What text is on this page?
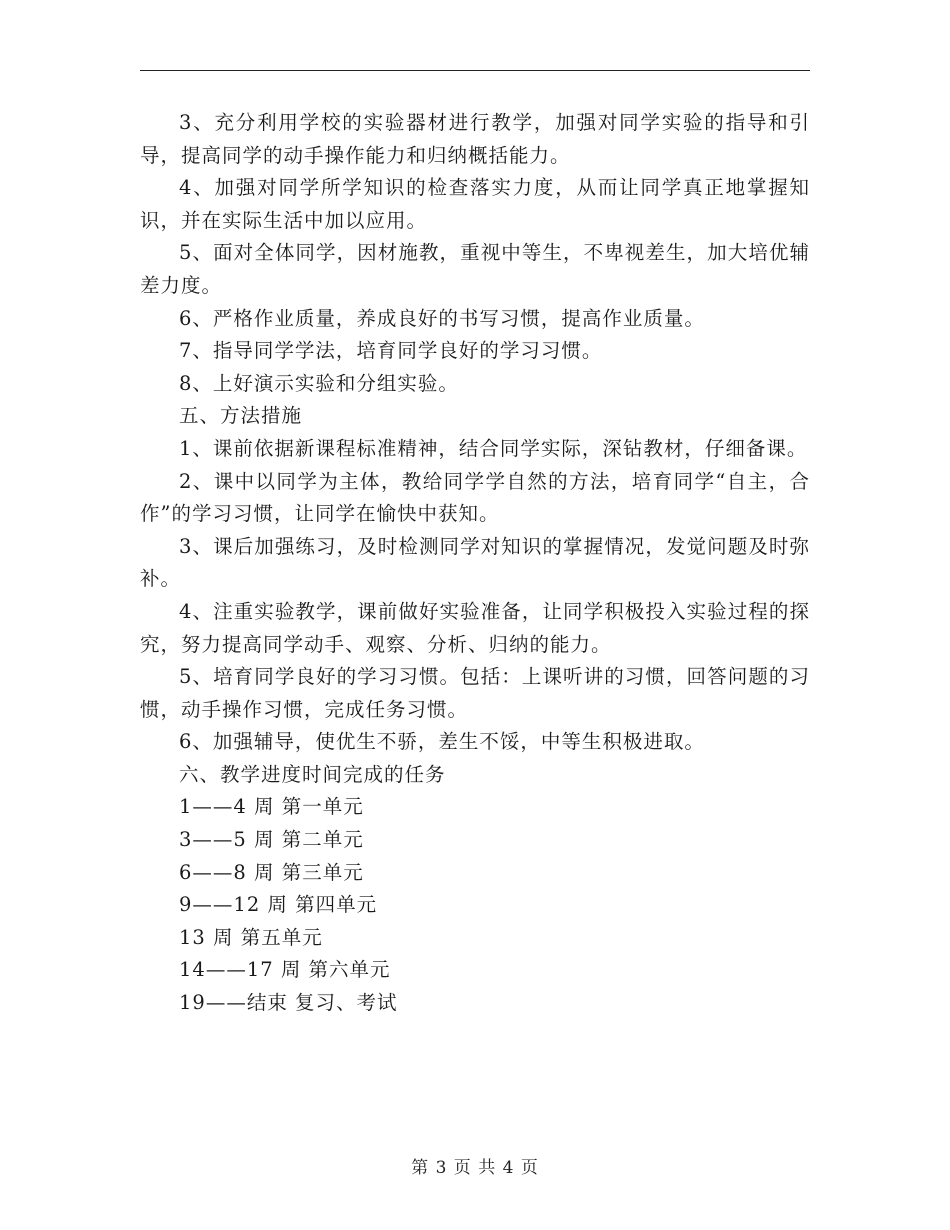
3、充分利用学校的实验器材进行教学，加强对同学实验的指导和引导，提高同学的动手操作能力和归纳概括能力。

4、加强对同学所学知识的检查落实力度，从而让同学真正地掌握知识，并在实际生活中加以应用。

5、面对全体同学，因材施教，重视中等生，不卑视差生，加大培优辅差力度。

6、严格作业质量，养成良好的书写习惯，提高作业质量。

7、指导同学学法，培育同学良好的学习习惯。

8、上好演示实验和分组实验。

五、方法措施

1、课前依据新课程标准精神，结合同学实际，深钻教材，仔细备课。

2、课中以同学为主体，教给同学学自然的方法，培育同学“自主，合作”的学习习惯，让同学在愉快中获知。

3、课后加强练习，及时检测同学对知识的掌握情况，发觉问题及时弥补。

4、注重实验教学，课前做好实验准备，让同学积极投入实验过程的探究，努力提高同学动手、观察、分析、归纳的能力。

5、培育同学良好的学习习惯。包括：上课听讲的习惯，回答问题的习惯，动手操作习惯，完成任务习惯。

6、加强辅导，使优生不骄，差生不馁，中等生积极进取。

六、教学进度时间完成的任务

1——4 周 第一单元

3——5 周 第二单元

6——8 周 第三单元

9——12 周 第四单元

13 周 第五单元

14——17 周 第六单元

19——结束 复习、考试

第 3 页 共 4 页
